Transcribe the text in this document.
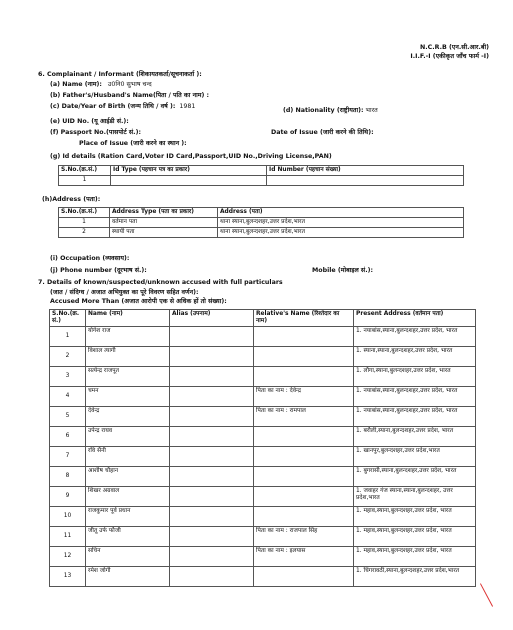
N.C.R.B (एन.सी.आर.बी)
I.I.F.-I (एकीकृत जाँच फार्म -I)
6. Complainant / Informant (शिकायतकर्ता/सूचनाकर्ता ):
(a) Name (नाम): उ0नि0 सुभाष चन्द
(b) Father's/Husband's Name(पिता / पति का नाम) :
(c) Date/Year of Birth (जन्म तिथि / वर्ष ): 1981
(d) Nationality (राष्ट्रीयता): भारत
(e) UID No. (यू आईडी सं.):
(f) Passport No.(पासपोर्ट सं.):	Date of Issue (जारी करने की तिथि):
Place of Issue (जारी करने का स्थान ):
(g) Id details (Ration Card,Voter ID Card,Passport,UID No.,Driving License,PAN)
S.No.(क्र.सं.)	Id Type (पहचान पत्र का प्रकार)	Id Number (पहचान संख्या)
1		
(h)Address (पता):
S.No.(क्र.सं.)	Address Type (पता का प्रकार)	Address (पता)
1	वर्तमान पता	थाना स्याना,बुलन्दशहर,उत्तर प्रदेश,भारत
2	स्थायी पता	थाना स्याना,बुलन्दशहर,उत्तर प्रदेश,भारत
(i) Occupation (व्यवसाय):
(j) Phone number (दूरभाष सं.):	Mobile (मोबाइल सं.):
7. Details of known/suspected/unknown accused with full particulars
(जात / संदिग्ध / अजात अभियुक्त का पूरे विवरण सहित वर्णन):
Accused More Than (अजात आरोपी एक से अधिक हों तो संख्या):
S.No.(क्र. सं.)	Name (नाम)	Alias (उपनाम)	Relative's Name (रिश्तेदार का नाम)	Present Address (वर्तमान पता)
1	योगेश राज			1. नयाबांस,स्याना,बुलन्दशहर,उत्तर प्रदेश, भारत
2	विशाल त्यागी			1. स्याना,स्याना,बुलन्दशहर,उत्तर प्रदेश, भारत
3	सत्येन्द्र राजपूत			1. लौगा,स्याना,बुलन्दशहर,उत्तर प्रदेश, भारत
4	चमन		पिता का नाम : देवेन्द्र	1. नयाबांस,स्याना,बुलन्दशहर,उत्तर प्रदेश, भारत
5	देवेन्द्र		पिता का नाम : रामपाल	1. नयाबांस,स्याना,बुलन्दशहर,उत्तर प्रदेश, भारत
6	उपेन्द्र राघव			1. बरौली,स्याना,बुलन्दशहर,उत्तर प्रदेश, भारत
7	रवि सैनी			1. खानपुर,बुलन्दशहर,उत्तर प्रदेश,भारत
8	आशीष चौहान			1. बुगरासी,स्याना,बुलन्दशहर,उत्तर प्रदेश, भारत
9	शिखर अग्रवाल			1. जवाहर गंज स्याना,स्याना,बुलन्दशहर, उत्तर प्रदेश,भारत
10	राजकुमार पूर्व प्रधान			1. महाव,स्याना,बुलन्दशहर,उत्तर प्रदेश, भारत
11	जीतू उर्फ फौजी		पिता का नाम : राजपाल सिंह	1. महाव,स्याना,बुलन्दशहर,उत्तर प्रदेश, भारत
12	सचिन		पिता का नाम : इलयास	1. महाव,स्याना,बुलन्दशहर,उत्तर प्रदेश, भारत
13	रमेश जोगी			1. चिंगरावठी,स्याना,बुलन्दशहर,उत्तर प्रदेश,भारत
